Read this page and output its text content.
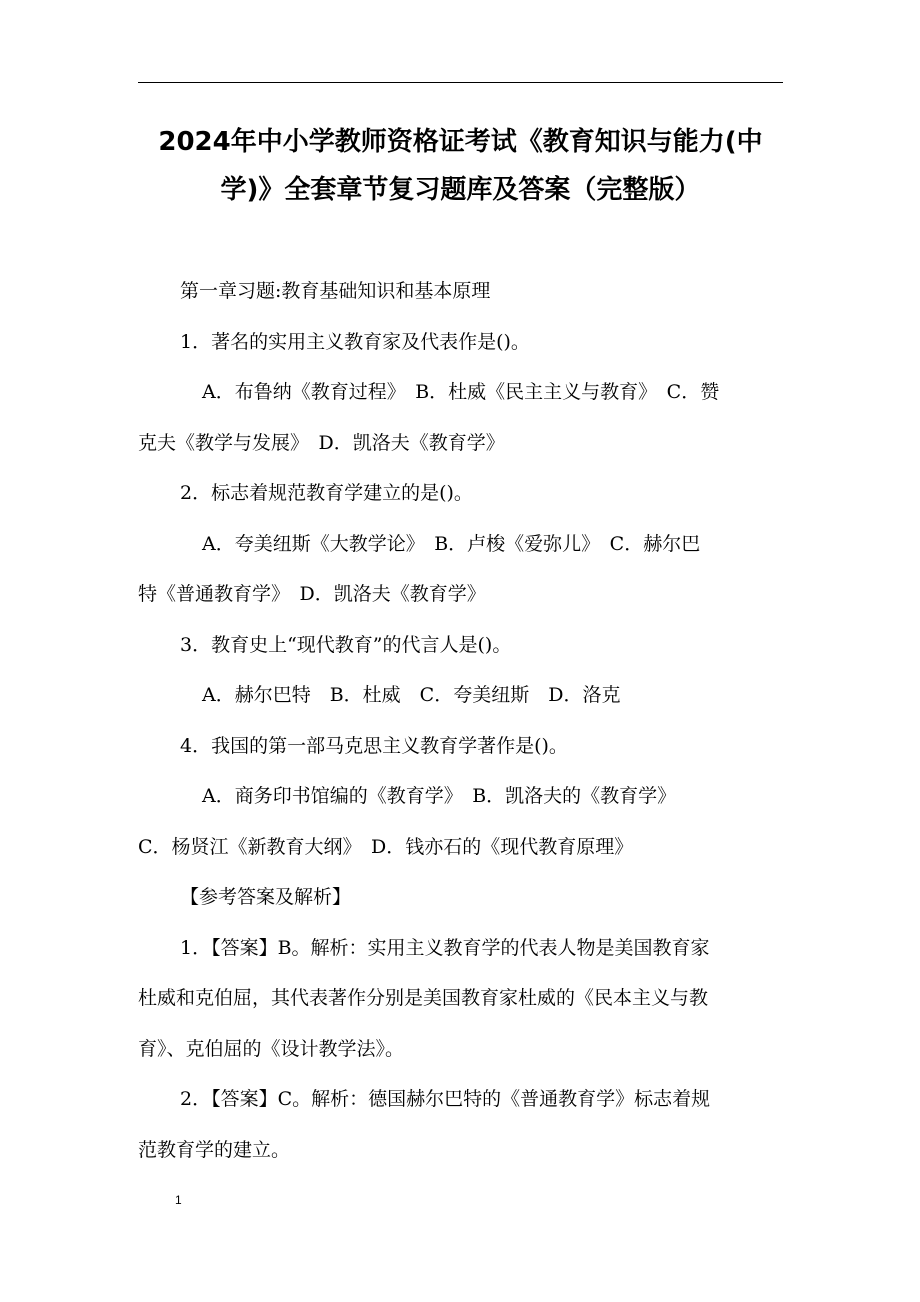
2024年中小学教师资格证考试《教育知识与能力(中
学)》全套章节复习题库及答案（完整版）

第一章习题:教育基础知识和基本原理

1．著名的实用主义教育家及代表作是()。

A．布鲁纳《教育过程》　B．杜威《民主主义与教育》　C．赞

克夫《教学与发展》　D．凯洛夫《教育学》

2．标志着规范教育学建立的是()。

A．夸美纽斯《大教学论》　B．卢梭《爱弥儿》　C．赫尔巴

特《普通教育学》　D．凯洛夫《教育学》

3．教育史上“现代教育”的代言人是()。

A．赫尔巴特　B．杜威　C．夸美纽斯　D．洛克

4．我国的第一部马克思主义教育学著作是()。

A．商务印书馆编的《教育学》　B．凯洛夫的《教育学》

C．杨贤江《新教育大纲》　D．钱亦石的《现代教育原理》

【参考答案及解析】

1．【答案】B。解析：实用主义教育学的代表人物是美国教育家

杜威和克伯屈，其代表著作分别是美国教育家杜威的《民本主义与教

育》、克伯屈的《设计教学法》。

2．【答案】C。解析：德国赫尔巴特的《普通教育学》标志着规

范教育学的建立。

1
